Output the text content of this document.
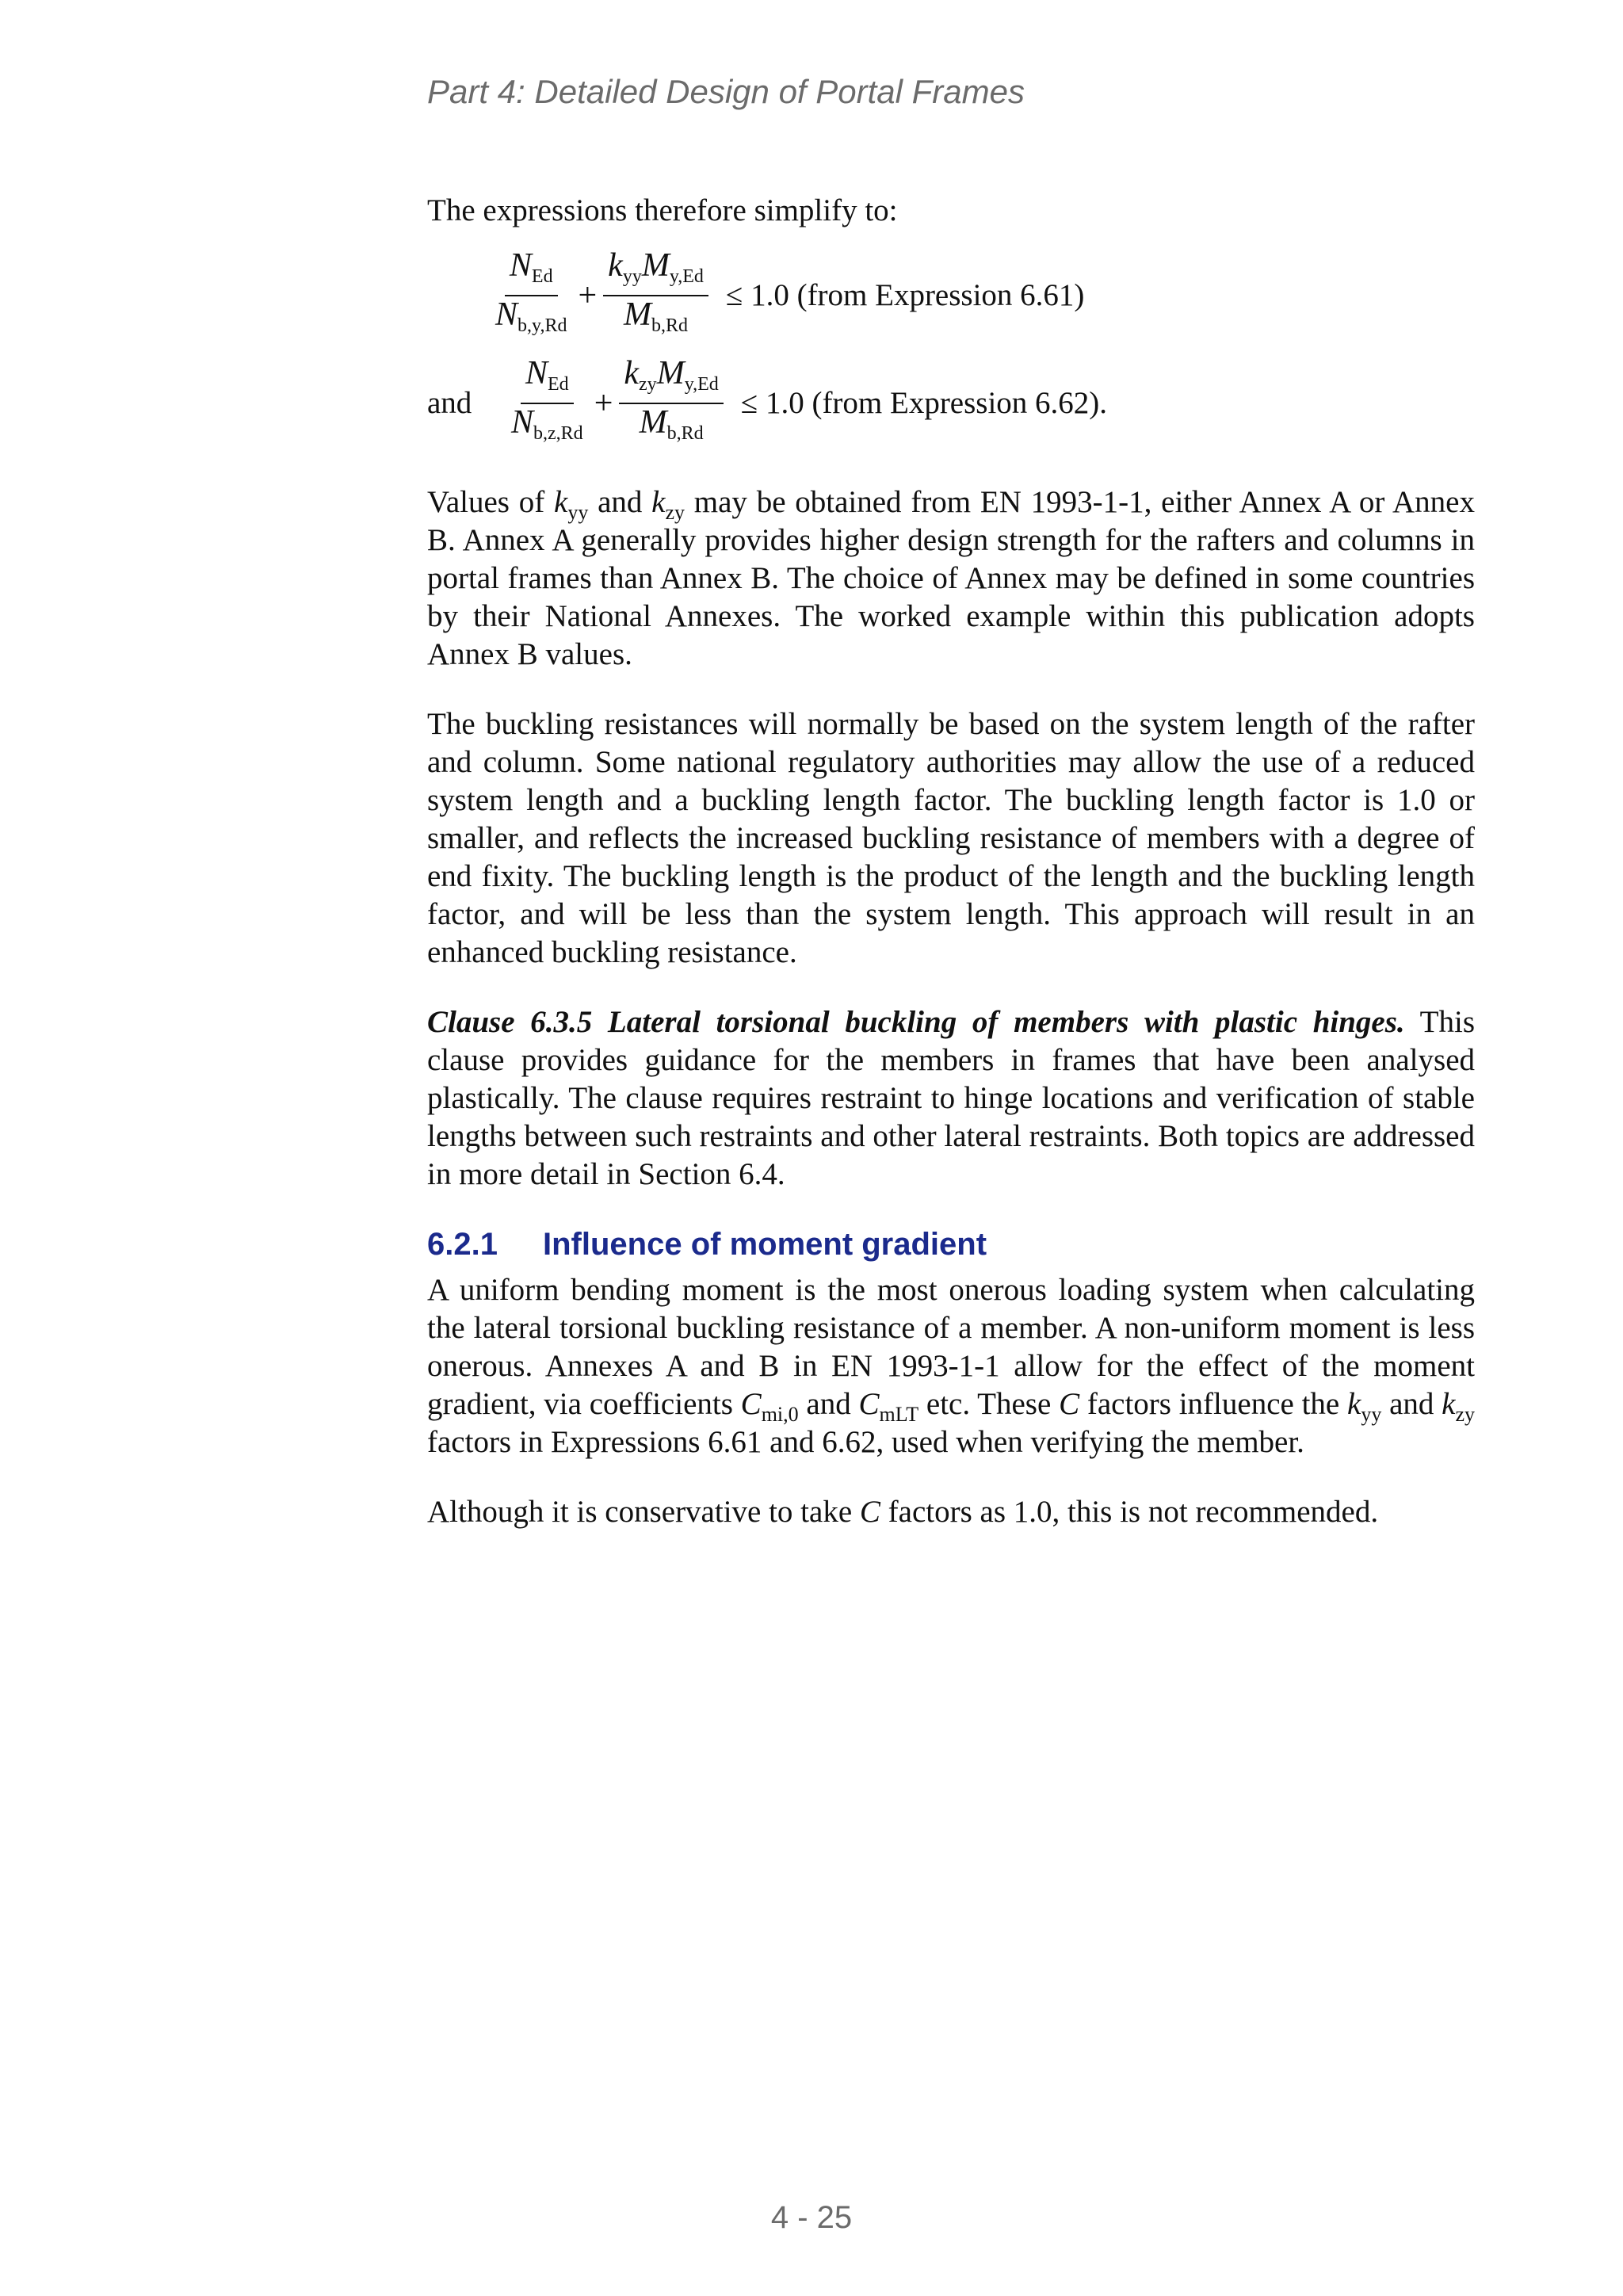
Part 4: Detailed Design of Portal Frames

The expressions therefore simplify to:

$\frac{N_{Ed}}{N_{b,y,Rd}} + \frac{k_{yy}M_{y,Ed}}{M_{b,Rd}} \le 1.0$ (from Expression 6.61)
and	$\frac{N_{Ed}}{N_{b,z,Rd}} + \frac{k_{zy}M_{y,Ed}}{M_{b,Rd}} \le 1.0$ (from Expression 6.62).

Values of $k_{yy}$ and $k_{zy}$ may be obtained from EN 1993-1-1, either Annex A or Annex B. Annex A generally provides higher design strength for the rafters and columns in portal frames than Annex B. The choice of Annex may be defined in some countries by their National Annexes. The worked example within this publication adopts Annex B values.

The buckling resistances will normally be based on the system length of the rafter and column. Some national regulatory authorities may allow the use of a reduced system length and a buckling length factor. The buckling length factor is 1.0 or smaller, and reflects the increased buckling resistance of members with a degree of end fixity. The buckling length is the product of the length and the buckling length factor, and will be less than the system length. This approach will result in an enhanced buckling resistance.

Clause 6.3.5 Lateral torsional buckling of members with plastic hinges. This clause provides guidance for the members in frames that have been analysed plastically. The clause requires restraint to hinge locations and verification of stable lengths between such restraints and other lateral restraints. Both topics are addressed in more detail in Section 6.4.

6.2.1 Influence of moment gradient

A uniform bending moment is the most onerous loading system when calculating the lateral torsional buckling resistance of a member. A non-uniform moment is less onerous. Annexes A and B in EN 1993-1-1 allow for the effect of the moment gradient, via coefficients $C_{mi,0}$ and $C_{mLT}$ etc. These C factors influence the $k_{yy}$ and $k_{zy}$ factors in Expressions 6.61 and 6.62, used when verifying the member.

Although it is conservative to take C factors as 1.0, this is not recommended.

4 - 25
